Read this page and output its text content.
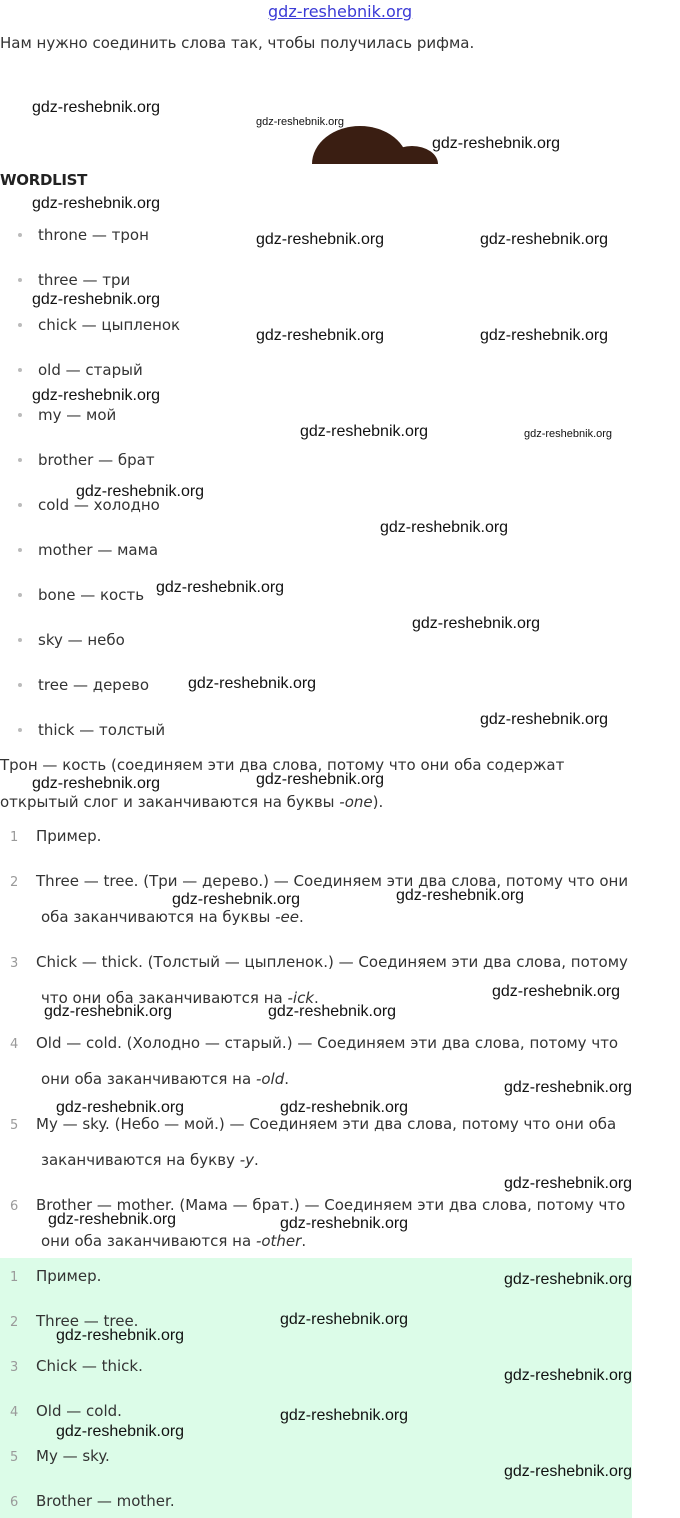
gdz-reshebnik.org
Нам нужно соединить слова так, чтобы получилась рифма.
WORDLIST
throne — трон
three — три
chick — цыпленок
old — старый
my — мой
brother — брат
cold — холодно
mother — мама
bone — кость
sky — небо
tree — дерево
thick — толстый
Трон — кость (соединяем эти два слова, потому что они оба содержат
открытый слог и заканчиваются на буквы -one).
1 Пример.
2 Three — tree. (Три — дерево.) — Соединяем эти два слова, потому что они
оба заканчиваются на буквы -ee.
3 Chick — thick. (Толстый — цыпленок.) — Соединяем эти два слова, потому
что они оба заканчиваются на -ick.
4 Old — cold. (Холодно — старый.) — Соединяем эти два слова, потому что
они оба заканчиваются на -old.
5 My — sky. (Небо — мой.) — Соединяем эти два слова, потому что они оба
заканчиваются на букву -y.
6 Brother — mother. (Мама — брат.) — Соединяем эти два слова, потому что
они оба заканчиваются на -other.
1 Пример.
2 Three — tree.
3 Chick — thick.
4 Old — cold.
5 My — sky.
6 Brother — mother.
gdz-reshebnik.org
gdz-reshebnik.org
gdz-reshebnik.org
gdz-reshebnik.org
gdz-reshebnik.org	gdz-reshebnik.org
gdz-reshebnik.org
gdz-reshebnik.org	gdz-reshebnik.org
gdz-reshebnik.org
gdz-reshebnik.org	gdz-reshebnik.org
gdz-reshebnik.org
gdz-reshebnik.org
gdz-reshebnik.org
gdz-reshebnik.org
gdz-reshebnik.org
gdz-reshebnik.org
gdz-reshebnik.org
gdz-reshebnik.org
gdz-reshebnik.org	gdz-reshebnik.org
gdz-reshebnik.org
gdz-reshebnik.org	gdz-reshebnik.org
gdz-reshebnik.org
gdz-reshebnik.org	gdz-reshebnik.org
gdz-reshebnik.org
gdz-reshebnik.org	gdz-reshebnik.org
gdz-reshebnik.org
gdz-reshebnik.org
gdz-reshebnik.org
gdz-reshebnik.org
gdz-reshebnik.org
gdz-reshebnik.org
gdz-reshebnik.org
